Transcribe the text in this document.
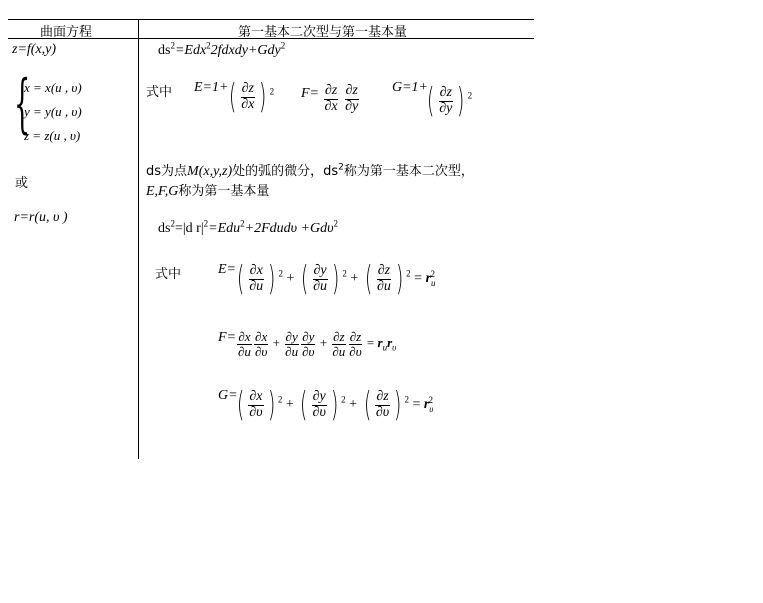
曲面方程	第一基本二次型与第一基本量
z=f(x,y)
{
x = x(u , υ)
y = y(u , υ)
z = z(u , υ)
或
r=r(u, υ )
$ds^2=Edx^22fdxdy+Gdy^2$
式中 E=1+ ( $\frac{\partial z}{\partial x}$ ) $^2$ $F= \frac{\partial z}{\partial x}$
$\frac{\partial z}{\partial y} G=1+$
( $\frac{\partial z}{\partial y}$ ) $^2$
ds为点M(x,y,z)处的弧的微分，$ds^2$称为第一基本二次型，
E,F,G称为第一基本量
$ds^2=|d$ $r|^2=Edu^2+2Fdud\upsilon +Gd\upsilon^2$
式中	E= ( $\frac{\partial x}{\partial u}$ ) $^2$ + ( $\frac{\partial y}{\partial u}$ ) $^2$ + ( $\frac{\partial z}{\partial u}$ ) $^2 = r_u^2$
$F= \frac{\partial x}{\partial u} \frac{\partial x}{\partial\upsilon} + \frac{\partial y}{\partial u} \frac{\partial y}{\partial\upsilon} + \frac{\partial z}{\partial u} \frac{\partial z}{\partial\upsilon} = r_ur_\upsilon$
G= ( $\frac{\partial x}{\partial\upsilon}$ ) $^2$ + ( $\frac{\partial y}{\partial\upsilon}$ ) $^2$ + ( $\frac{\partial z}{\partial\upsilon}$ ) $^2 = r_\upsilon^2$
